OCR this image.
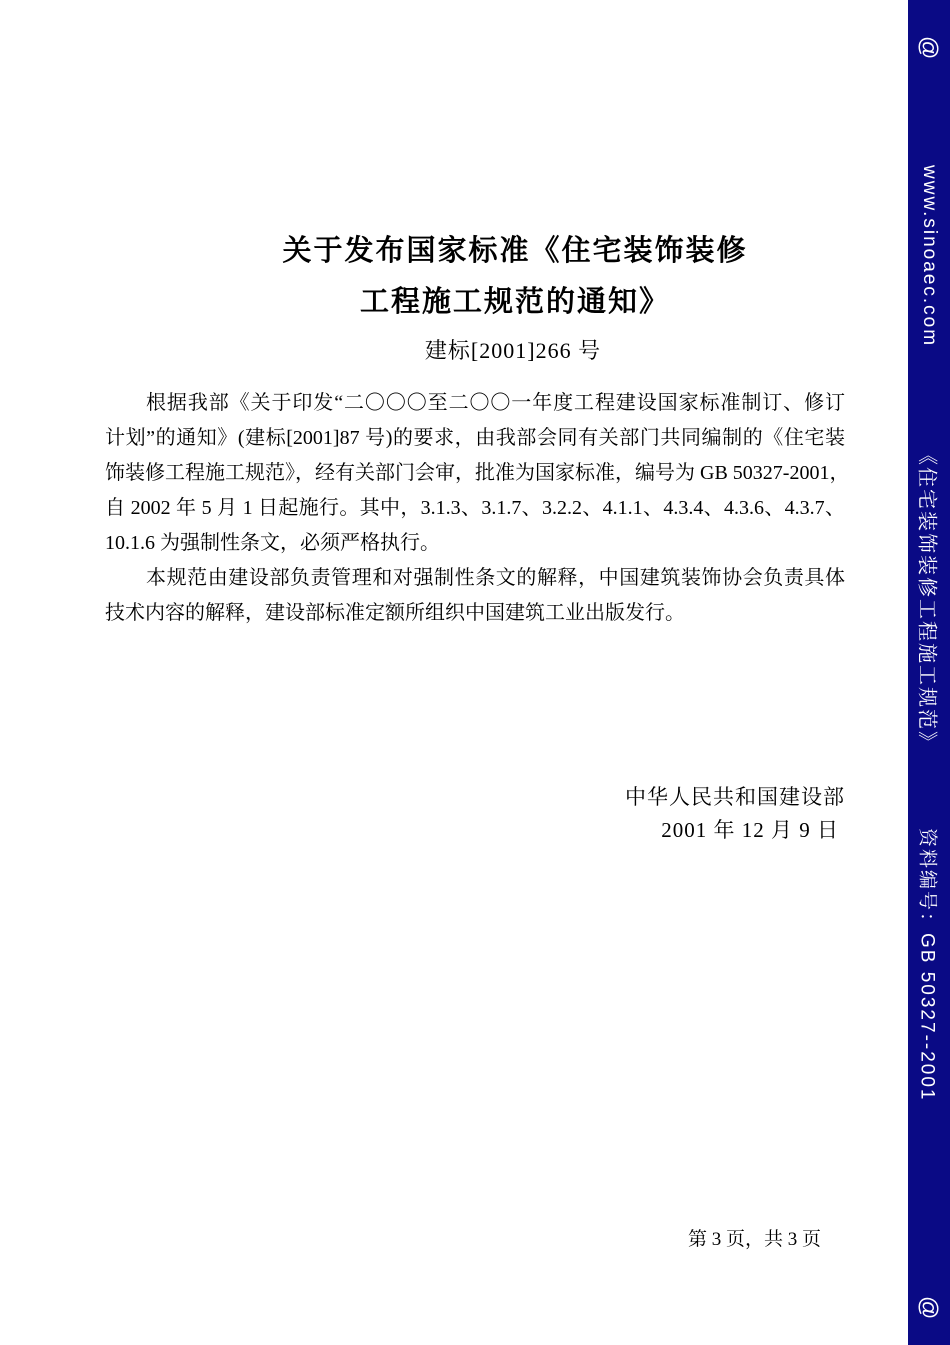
关于发布国家标准《住宅装饰装修
工程施工规范的通知》
建标[2001]266 号
根据我部《关于印发“二〇〇〇至二〇〇一年度工程建设国家标准制订、修订
计划”的通知》(建标[2001]87 号)的要求，由我部会同有关部门共同编制的《住宅装
饰装修工程施工规范》，经有关部门会审，批准为国家标准，编号为 GB 50327-2001，
自 2002 年 5 月 1 日起施行。其中，3.1.3、3.1.7、3.2.2、4.1.1、4.3.4、4.3.6、4.3.7、
10.1.6 为强制性条文，必须严格执行。
本规范由建设部负责管理和对强制性条文的解释，中国建筑装饰协会负责具体
技术内容的解释，建设部标准定额所组织中国建筑工业出版发行。
中华人民共和国建设部
2001 年 12 月 9 日
第 3 页，共 3 页
@
www.sinoaec.com
《住宅装饰装修工程施工规范》
资料编号：GB 50327--2001
@
